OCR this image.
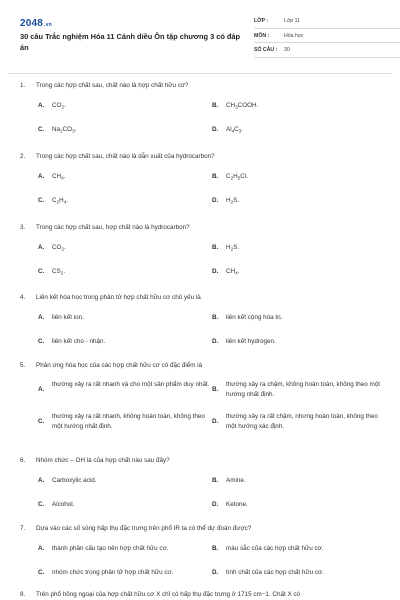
2048.vn
30 câu Trắc nghiệm Hóa 11 Cánh diều Ôn tập chương 3 có đáp án
LỚP :	Lớp 11
MÔN :	Hóa học
SỐ CÂU : 30
1. Trong các hợp chất sau, chất nào là hợp chất hữu cơ?
A. $CO_2$.	B. $CH_3COOH$.
C. $Na_2CO_3$.	D. $Al_4C_3$.
2. Trong các hợp chất sau, chất nào là dẫn xuất của hydrocarbon?
A. $CH_4$.	B. $C_2H_5Cl$.
C. $C_2H_4$.	D. $H_2S$.
3. Trong các hợp chất sau, hợp chất nào là hydrocarbon?
A. $CO_2$.	B. $H_2S$.
C. $CS_2$.	D. $CH_4$.
4. Liên kết hóa học trong phân tử hợp chất hữu cơ chủ yếu là
A. liên kết ion.	B. liên kết cộng hóa trị.
C. liên kết cho - nhận.	D. liên kết hydrogen.
5. Phản ứng hóa học của các hợp chất hữu cơ có đặc điểm là
A.
thường xảy ra rất nhanh và cho một sản phẩm duy nhất.
B.
thường xảy ra chậm, không hoàn toàn, không theo một hướng nhất định.
C.
thường xảy ra rất nhanh, không hoàn toàn, không theo một hướng nhất định.
D.
thường xảy ra rất chậm, nhưng hoàn toàn, không theo một hướng xác định.
6. Nhóm chức – OH là của hợp chất nào sau đây?
A. Carboxylic acid.	B. Amine.
C. Alcohol.	D. Ketone.
7. Dựa vào các số sóng hấp thụ đặc trưng trên phổ IR ta có thể dự đoán được?
A. thành phần cấu tạo nên hợp chất hữu cơ.	B. màu sắc của các hợp chất hữu cơ.
C. nhóm chức trong phân tử hợp chất hữu cơ.	D. tính chất của các hợp chất hữu cơ.
8. Trên phổ hồng ngoại của hợp chất hữu cơ X chỉ có hấp thụ đặc trưng ở 1715 cm−1. Chất X có
